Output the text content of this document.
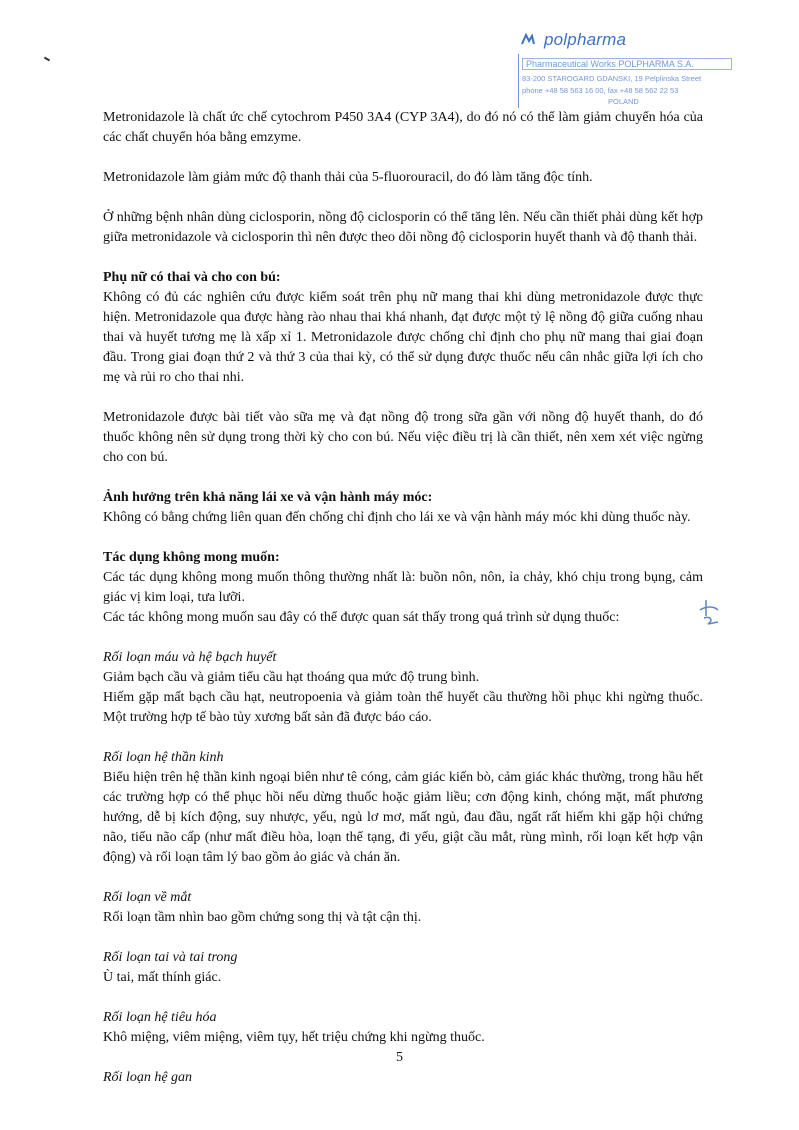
polpharma
Pharmaceutical Works POLPHARMA S.A.
83-200 STAROGARD GDANSKI, 19 Pelplinska Street
phone +48 58 563 16 00, fax +48 58 562 22 53
POLAND

Metronidazole là chất ức chế cytochrom P450 3A4 (CYP 3A4), do đó nó có thể làm giảm chuyển hóa của các chất chuyển hóa bằng emzyme.

Metronidazole làm giảm mức độ thanh thải của 5-fluorouracil, do đó làm tăng độc tính.

Ở những bệnh nhân dùng ciclosporin, nồng độ ciclosporin có thể tăng lên. Nếu cần thiết phải dùng kết hợp giữa metronidazole và ciclosporin thì nên được theo dõi nồng độ ciclosporin huyết thanh và độ thanh thải.

Phụ nữ có thai và cho con bú:

Không có đủ các nghiên cứu được kiểm soát trên phụ nữ mang thai khi dùng metronidazole được thực hiện. Metronidazole qua được hàng rào nhau thai khá nhanh, đạt được một tỷ lệ nồng độ giữa cuống nhau thai và huyết tương mẹ là xấp xỉ 1. Metronidazole được chống chỉ định cho phụ nữ mang thai giai đoạn đầu. Trong giai đoạn thứ 2 và thứ 3 của thai kỳ, có thể sử dụng được thuốc nếu cân nhắc giữa lợi ích cho mẹ và rủi ro cho thai nhi.

Metronidazole được bài tiết vào sữa mẹ và đạt nồng độ trong sữa gần với nồng độ huyết thanh, do đó thuốc không nên sử dụng trong thời kỳ cho con bú. Nếu việc điều trị là cần thiết, nên xem xét việc ngừng cho con bú.

Ảnh hưởng trên khả năng lái xe và vận hành máy móc:

Không có bằng chứng liên quan đến chống chỉ định cho lái xe và vận hành máy móc khi dùng thuốc này.

Tác dụng không mong muốn:

Các tác dụng không mong muốn thông thường nhất là: buồn nôn, nôn, ỉa chảy, khó chịu trong bụng, cảm giác vị kim loại, tưa lưỡi.

Các tác không mong muốn sau đây có thể được quan sát thấy trong quá trình sử dụng thuốc:

Rối loạn máu và hệ bạch huyết

Giảm bạch cầu và giảm tiểu cầu hạt thoáng qua mức độ trung bình.
Hiếm gặp mất bạch cầu hạt, neutropoenia và giảm toàn thể huyết cầu thường hồi phục khi ngừng thuốc. Một trường hợp tế bào tủy xương bất sản đã được báo cáo.

Rối loạn hệ thần kinh

Biểu hiện trên hệ thần kinh ngoại biên như tê cóng, cảm giác kiến bò, cảm giác khác thường, trong hầu hết các trường hợp có thể phục hồi nếu dừng thuốc hoặc giảm liều; cơn động kinh, chóng mặt, mất phương hướng, dễ bị kích động, suy nhược, yếu, ngủ lơ mơ, mất ngủ, đau đầu, ngất rất hiếm khi gặp hội chứng não, tiểu não cấp (như mất điều hòa, loạn thể tạng, đi yếu, giật cầu mắt, rùng mình, rối loạn kết hợp vận động) và rối loạn tâm lý bao gồm ảo giác và chán ăn.

Rối loạn về mắt

Rối loạn tầm nhìn bao gồm chứng song thị và tật cận thị.

Rối loạn tai và tai trong

Ù tai, mất thính giác.

Rối loạn hệ tiêu hóa

Khô miệng, viêm miệng, viêm tụy, hết triệu chứng khi ngừng thuốc.

Rối loạn hệ gan
5
